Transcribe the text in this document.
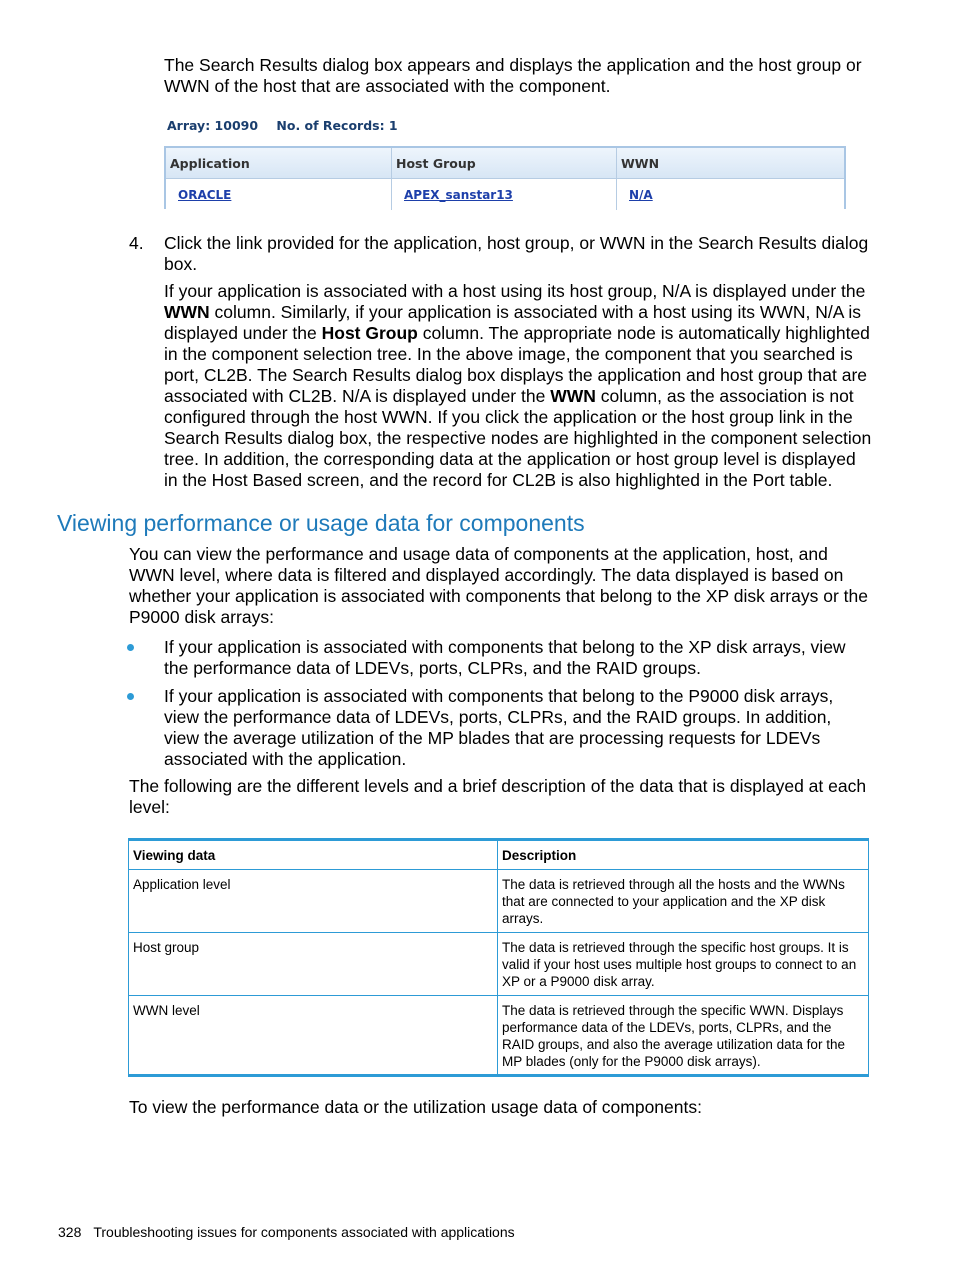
The Search Results dialog box appears and displays the application and the host group or WWN of the host that are associated with the component.

Array: 10090 No. of Records: 1
Application	Host Group	WWN
ORACLE	APEX_sanstar13	N/A
4. Click the link provided for the application, host group, or WWN in the Search Results dialog box.

If your application is associated with a host using its host group, N/A is displayed under the WWN column. Similarly, if your application is associated with a host using its WWN, N/A is displayed under the Host Group column. The appropriate node is automatically highlighted in the component selection tree. In the above image, the component that you searched is port, CL2B. The Search Results dialog box displays the application and host group that are associated with CL2B. N/A is displayed under the WWN column, as the association is not configured through the host WWN. If you click the application or the host group link in the Search Results dialog box, the respective nodes are highlighted in the component selection tree. In addition, the corresponding data at the application or host group level is displayed in the Host Based screen, and the record for CL2B is also highlighted in the Port table.

Viewing performance or usage data for components

You can view the performance and usage data of components at the application, host, and WWN level, where data is filtered and displayed accordingly. The data displayed is based on whether your application is associated with components that belong to the XP disk arrays or the P9000 disk arrays:

If your application is associated with components that belong to the XP disk arrays, view the performance data of LDEVs, ports, CLPRs, and the RAID groups.

If your application is associated with components that belong to the P9000 disk arrays, view the performance data of LDEVs, ports, CLPRs, and the RAID groups. In addition, view the average utilization of the MP blades that are processing requests for LDEVs associated with the application.

The following are the different levels and a brief description of the data that is displayed at each level:

Viewing data	Description
Application level	The data is retrieved through all the hosts and the WWNs that are connected to your application and the XP disk arrays.
Host group	The data is retrieved through the specific host groups. It is valid if your host uses multiple host groups to connect to an XP or a P9000 disk array.
WWN level	The data is retrieved through the specific WWN. Displays performance data of the LDEVs, ports, CLPRs, and the RAID groups, and also the average utilization data for the MP blades (only for the P9000 disk arrays).

To view the performance data or the utilization usage data of components:

328 Troubleshooting issues for components associated with applications
